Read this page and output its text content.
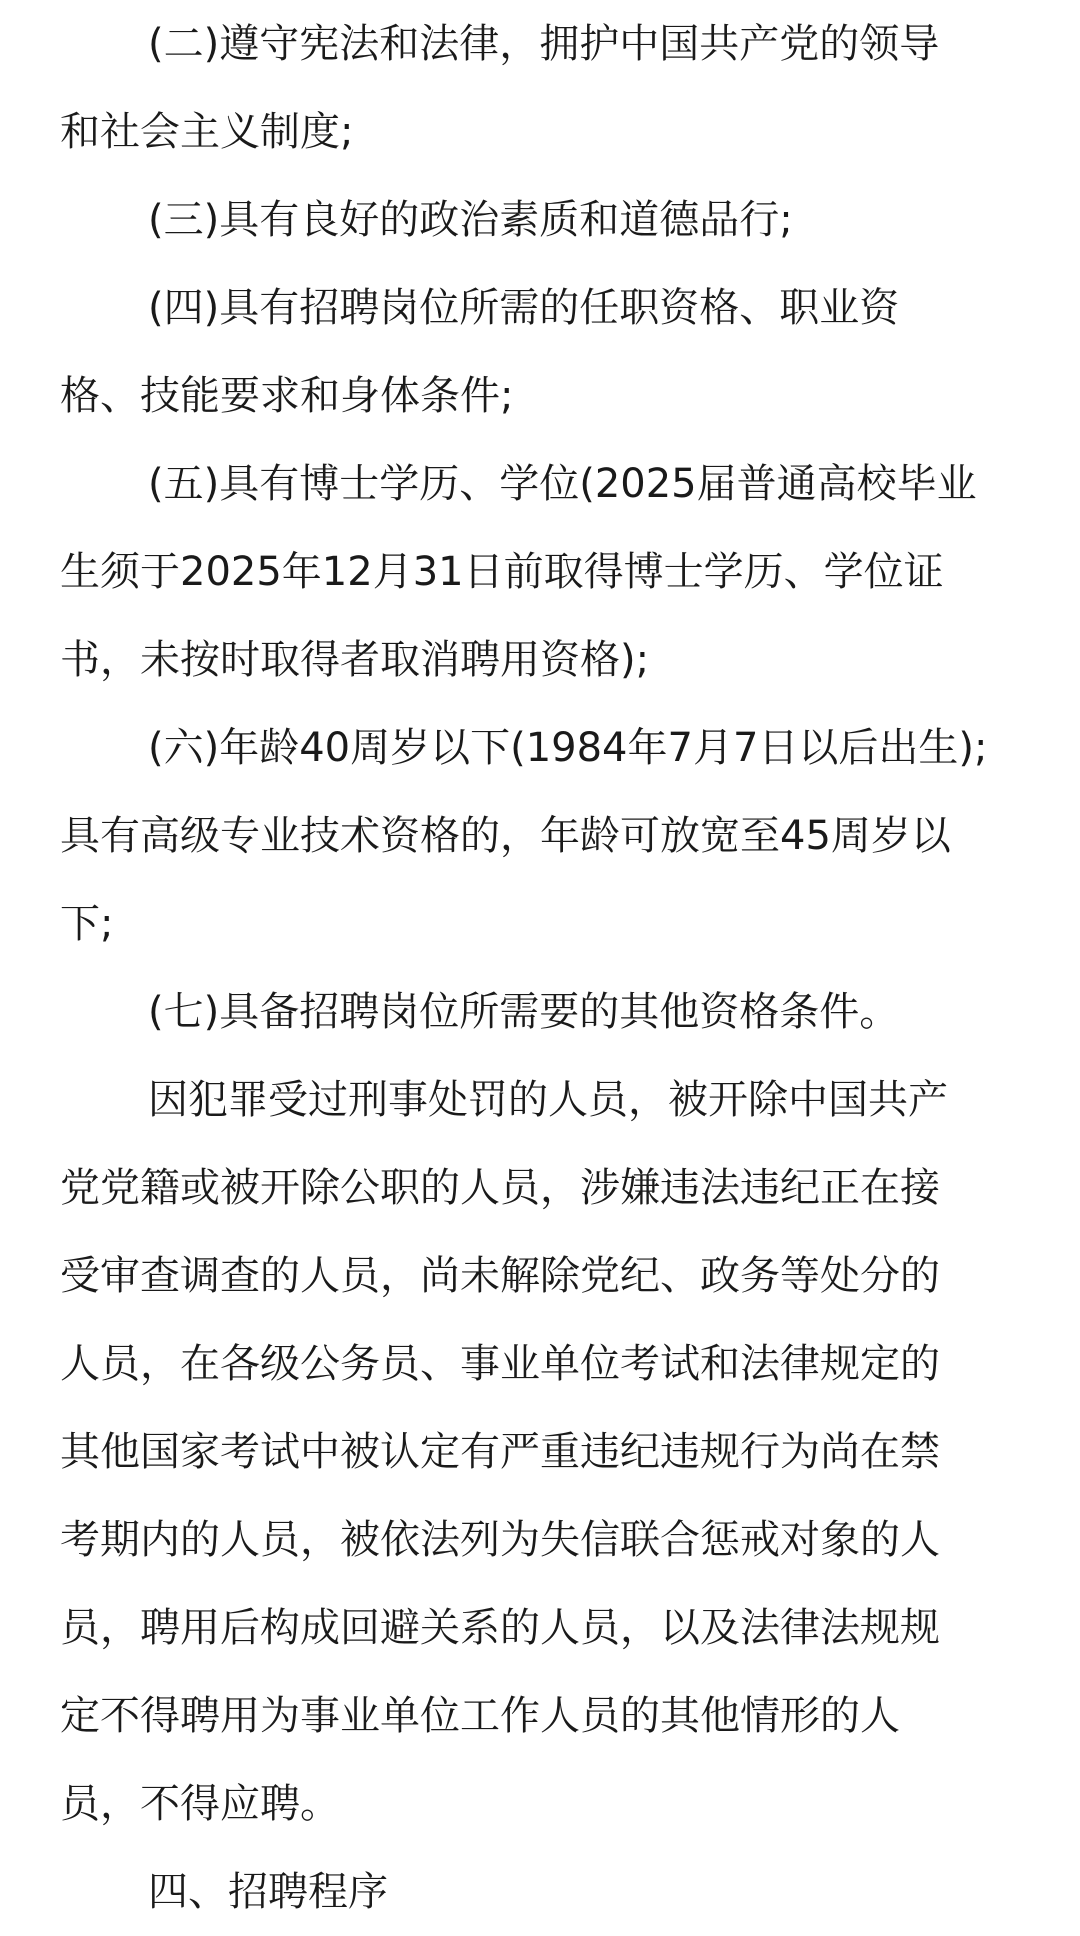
(二)遵守宪法和法律，拥护中国共产党的领导
和社会主义制度;

(三)具有良好的政治素质和道德品行;

(四)具有招聘岗位所需的任职资格、职业资
格、技能要求和身体条件;

(五)具有博士学历、学位(2025届普通高校毕业
生须于2025年12月31日前取得博士学历、学位证
书，未按时取得者取消聘用资格);

(六)年龄40周岁以下(1984年7月7日以后出生);
具有高级专业技术资格的，年龄可放宽至45周岁以
下;

(七)具备招聘岗位所需要的其他资格条件。

因犯罪受过刑事处罚的人员，被开除中国共产
党党籍或被开除公职的人员，涉嫌违法违纪正在接
受审查调查的人员，尚未解除党纪、政务等处分的
人员，在各级公务员、事业单位考试和法律规定的
其他国家考试中被认定有严重违纪违规行为尚在禁
考期内的人员，被依法列为失信联合惩戒对象的人
员，聘用后构成回避关系的人员，以及法律法规规
定不得聘用为事业单位工作人员的其他情形的人
员，不得应聘。

四、招聘程序
